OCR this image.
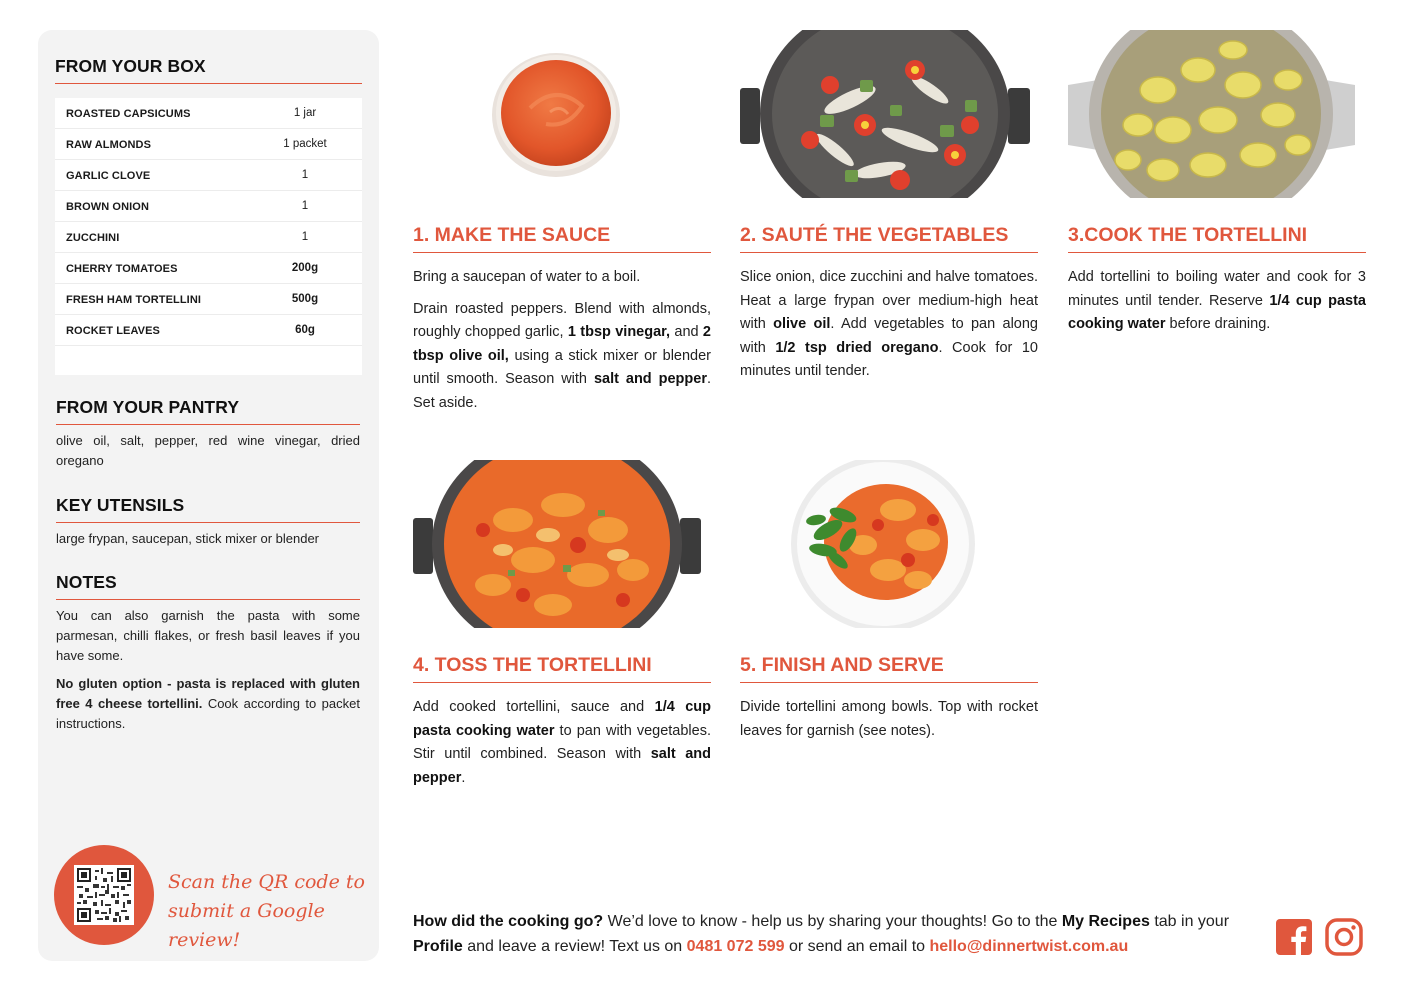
FROM YOUR BOX
ROASTED CAPSICUMS	1 jar
RAW ALMONDS	1 packet
GARLIC CLOVE	1
BROWN ONION	1
ZUCCHINI	1
CHERRY TOMATOES	200g
FRESH HAM TORTELLINI	500g
ROCKET LEAVES	60g
FROM YOUR PANTRY
olive oil, salt, pepper, red wine vinegar, dried oregano
KEY UTENSILS
large frypan, saucepan, stick mixer or blender
NOTES
You can also garnish the pasta with some parmesan, chilli flakes, or fresh basil leaves if you have some.
No gluten option - pasta is replaced with gluten free 4 cheese tortellini. Cook according to packet instructions.
Scan the QR code to
submit a Google review!
1. MAKE THE SAUCE

Bring a saucepan of water to a boil.

Drain roasted peppers. Blend with almonds, roughly chopped garlic, 1 tbsp vinegar, and 2 tbsp olive oil, using a stick mixer or blender until smooth. Season with salt and pepper. Set aside.

2. SAUTÉ THE VEGETABLES

Slice onion, dice zucchini and halve tomatoes. Heat a large frypan over medium-high heat with olive oil. Add vegetables to pan along with 1/2 tsp dried oregano. Cook for 10 minutes until tender.

3.COOK THE TORTELLINI

Add tortellini to boiling water and cook for 3 minutes until tender. Reserve 1/4 cup pasta cooking water before draining.

4. TOSS THE TORTELLINI

Add cooked tortellini, sauce and 1/4 cup pasta cooking water to pan with vegetables. Stir until combined. Season with salt and pepper.

5. FINISH AND SERVE

Divide tortellini among bowls. Top with rocket leaves for garnish (see notes).

How did the cooking go? We’d love to know - help us by sharing your thoughts! Go to the My Recipes tab in your Profile and leave a review! Text us on 0481 072 599 or send an email to hello@dinnertwist.com.au
